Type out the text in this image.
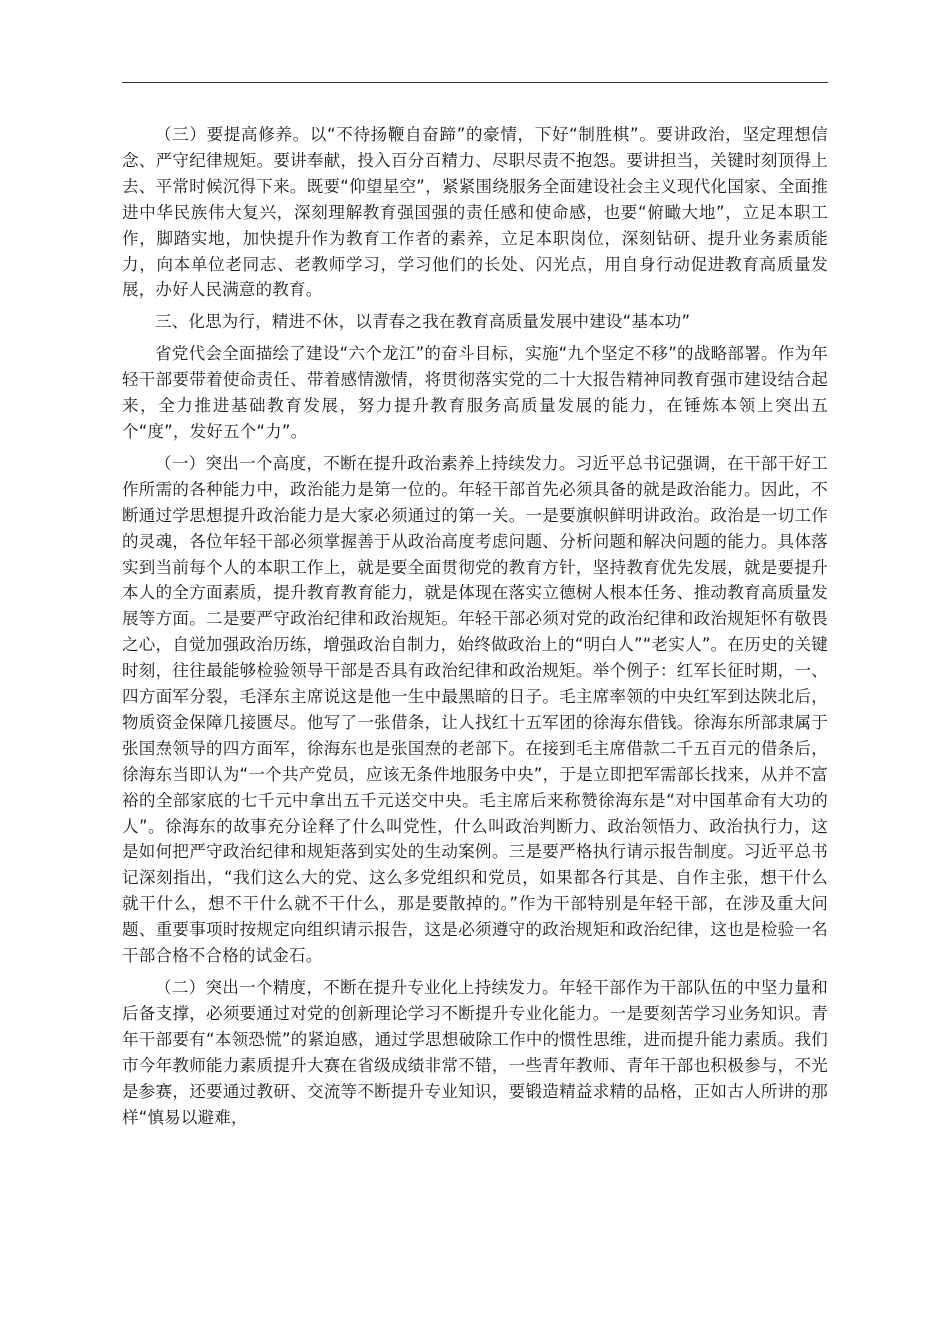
（三）要提高修养。以“不待扬鞭自奋蹄”的豪情，下好“制胜棋”。要讲政治，坚定理想信念、严守纪律规矩。要讲奉献，投入百分百精力、尽职尽责不抱怨。要讲担当，关键时刻顶得上去、平常时候沉得下来。既要“仰望星空”，紧紧围绕服务全面建设社会主义现代化国家、全面推进中华民族伟大复兴，深刻理解教育强国强的责任感和使命感，也要“俯瞰大地”，立足本职工作，脚踏实地，加快提升作为教育工作者的素养，立足本职岗位，深刻钻研、提升业务素质能力，向本单位老同志、老教师学习，学习他们的长处、闪光点，用自身行动促进教育高质量发展，办好人民满意的教育。

三、化思为行，精进不休，以青春之我在教育高质量发展中建设“基本功”

省党代会全面描绘了建设“六个龙江”的奋斗目标，实施“九个坚定不移”的战略部署。作为年轻干部要带着使命责任、带着感情激情，将贯彻落实党的二十大报告精神同教育强市建设结合起来，全力推进基础教育发展，努力提升教育服务高质量发展的能力，在锤炼本领上突出五个“度”，发好五个“力”。

（一）突出一个高度，不断在提升政治素养上持续发力。习近平总书记强调，在干部干好工作所需的各种能力中，政治能力是第一位的。年轻干部首先必须具备的就是政治能力。因此，不断通过学思想提升政治能力是大家必须通过的第一关。一是要旗帜鲜明讲政治。政治是一切工作的灵魂，各位年轻干部必须掌握善于从政治高度考虑问题、分析问题和解决问题的能力。具体落实到当前每个人的本职工作上，就是要全面贯彻党的教育方针，坚持教育优先发展，就是要提升本人的全方面素质，提升教育教育能力，就是体现在落实立德树人根本任务、推动教育高质量发展等方面。二是要严守政治纪律和政治规矩。年轻干部必须对党的政治纪律和政治规矩怀有敬畏之心，自觉加强政治历练，增强政治自制力，始终做政治上的“明白人”“老实人”。在历史的关键时刻，往往最能够检验领导干部是否具有政治纪律和政治规矩。举个例子：红军长征时期，一、四方面军分裂，毛泽东主席说这是他一生中最黑暗的日子。毛主席率领的中央红军到达陕北后，物质资金保障几接匮尽。他写了一张借条，让人找红十五军团的徐海东借钱。徐海东所部隶属于张国焘领导的四方面军，徐海东也是张国焘的老部下。在接到毛主席借款二千五百元的借条后，徐海东当即认为“一个共产党员，应该无条件地服务中央”，于是立即把军需部长找来，从并不富裕的全部家底的七千元中拿出五千元送交中央。毛主席后来称赞徐海东是“对中国革命有大功的人”。徐海东的故事充分诠释了什么叫党性，什么叫政治判断力、政治领悟力、政治执行力，这是如何把严守政治纪律和规矩落到实处的生动案例。三是要严格执行请示报告制度。习近平总书记深刻指出，“我们这么大的党、这么多党组织和党员，如果都各行其是、自作主张，想干什么就干什么，想不干什么就不干什么，那是要散掉的。”作为干部特别是年轻干部，在涉及重大问题、重要事项时按规定向组织请示报告，这是必须遵守的政治规矩和政治纪律，这也是检验一名干部合格不合格的试金石。

（二）突出一个精度，不断在提升专业化上持续发力。年轻干部作为干部队伍的中坚力量和后备支撑，必须要通过对党的创新理论学习不断提升专业化能力。一是要刻苦学习业务知识。青年干部要有“本领恐慌”的紧迫感，通过学思想破除工作中的惯性思维，进而提升能力素质。我们市今年教师能力素质提升大赛在省级成绩非常不错，一些青年教师、青年干部也积极参与，不光是参赛，还要通过教研、交流等不断提升专业知识，要锻造精益求精的品格，正如古人所讲的那样“慎易以避难，
